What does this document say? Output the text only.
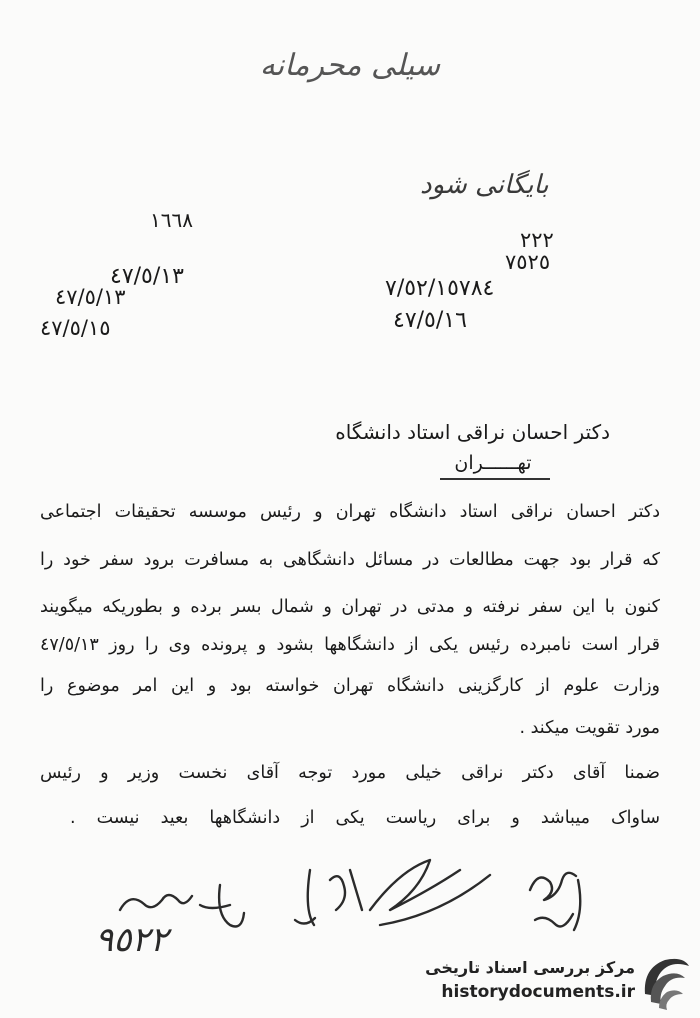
سیلی محرمانه
بایگانی شود
١٦٦٨
٢٢٢
٧٥٢٥
٤٧/٥/١٣
٤٧/٥/١٣
٤٧/٥/١٥
٧/٥٢/١٥٧٨٤
٤٧/٥/١٦
دکتر احسان نراقی استاد دانشگاه
تهــــــران
دکتر احسان نراقی استاد دانشگاه تهران و رئیس موسسه تحقیقات اجتماعی
که قرار بود جهت مطالعات در مسائل دانشگاهی به مسافرت برود سفر خود را
کنون با این سفر نرفته و مدتی در تهران و شمال بسر برده و بطوریکه میگویند
قرار است نامبرده رئیس یکی از دانشگاهها بشود و پرونده وی را روز ٤٧/٥/١٣
وزارت علوم از کارگزینی دانشگاه تهران خواسته بود و این امر موضوع را
مورد تقویت میکند .
ضمنا آقای دکتر نراقی خیلی مورد توجه آقای نخست وزیر و رئیس
ساواک میباشد و برای ریاست یکی از دانشگاهها بعید نیست .
٩٥٢٢
مرکز بررسی اسناد تاریخی
historydocuments.ir
